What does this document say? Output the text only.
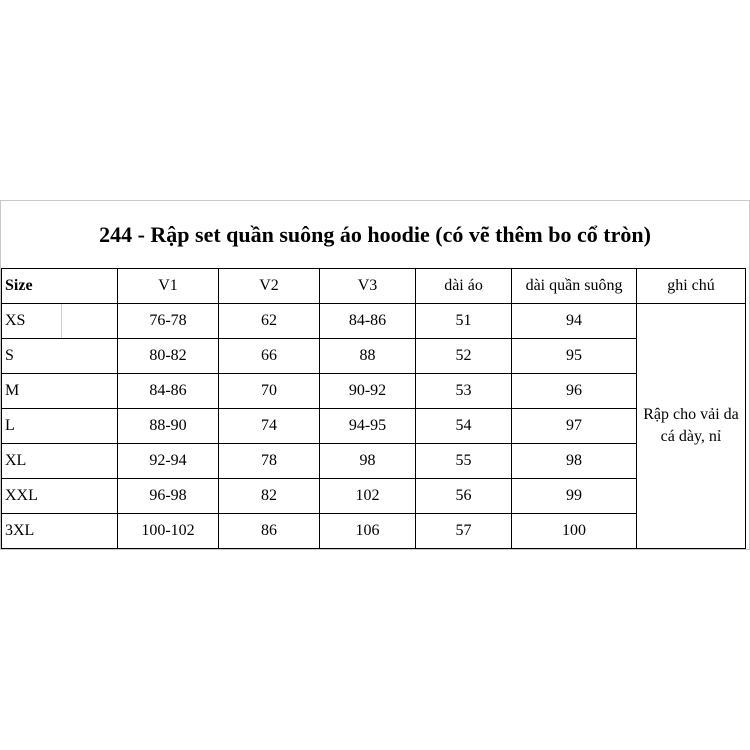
244 - Rập set quần suông áo hoodie (có vẽ thêm bo cổ tròn)
Size		V1	V2	V3	dài áo	dài quần suông	ghi chú
XS		76-78	62	84-86	51	94	Rập cho vải da cá dày, nỉ
S		80-82	66	88	52	95	
M		84-86	70	90-92	53	96	
L		88-90	74	94-95	54	97	
XL		92-94	78	98	55	98	
XXL		96-98	82	102	56	99	
3XL		100-102	86	106	57	100	
